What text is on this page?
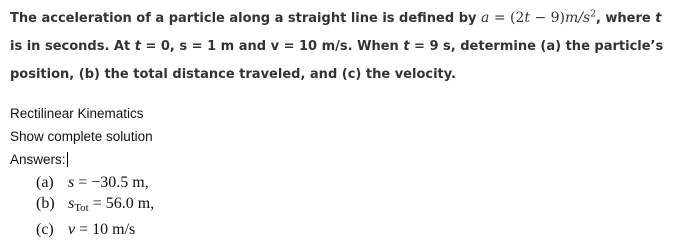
The acceleration of a particle along a straight line is defined by $a = (2t - 9)m/s^2$, where t is in seconds. At t = 0, s = 1 m and v = 10 m/s. When t = 9 s, determine (a) the particle’s position, (b) the total distance traveled, and (c) the velocity.
Rectilinear Kinematics
Show complete solution
Answers:
(a) s = −30.5 m,
(b) sTot = 56.0 m,
(c) v = 10 m/s
